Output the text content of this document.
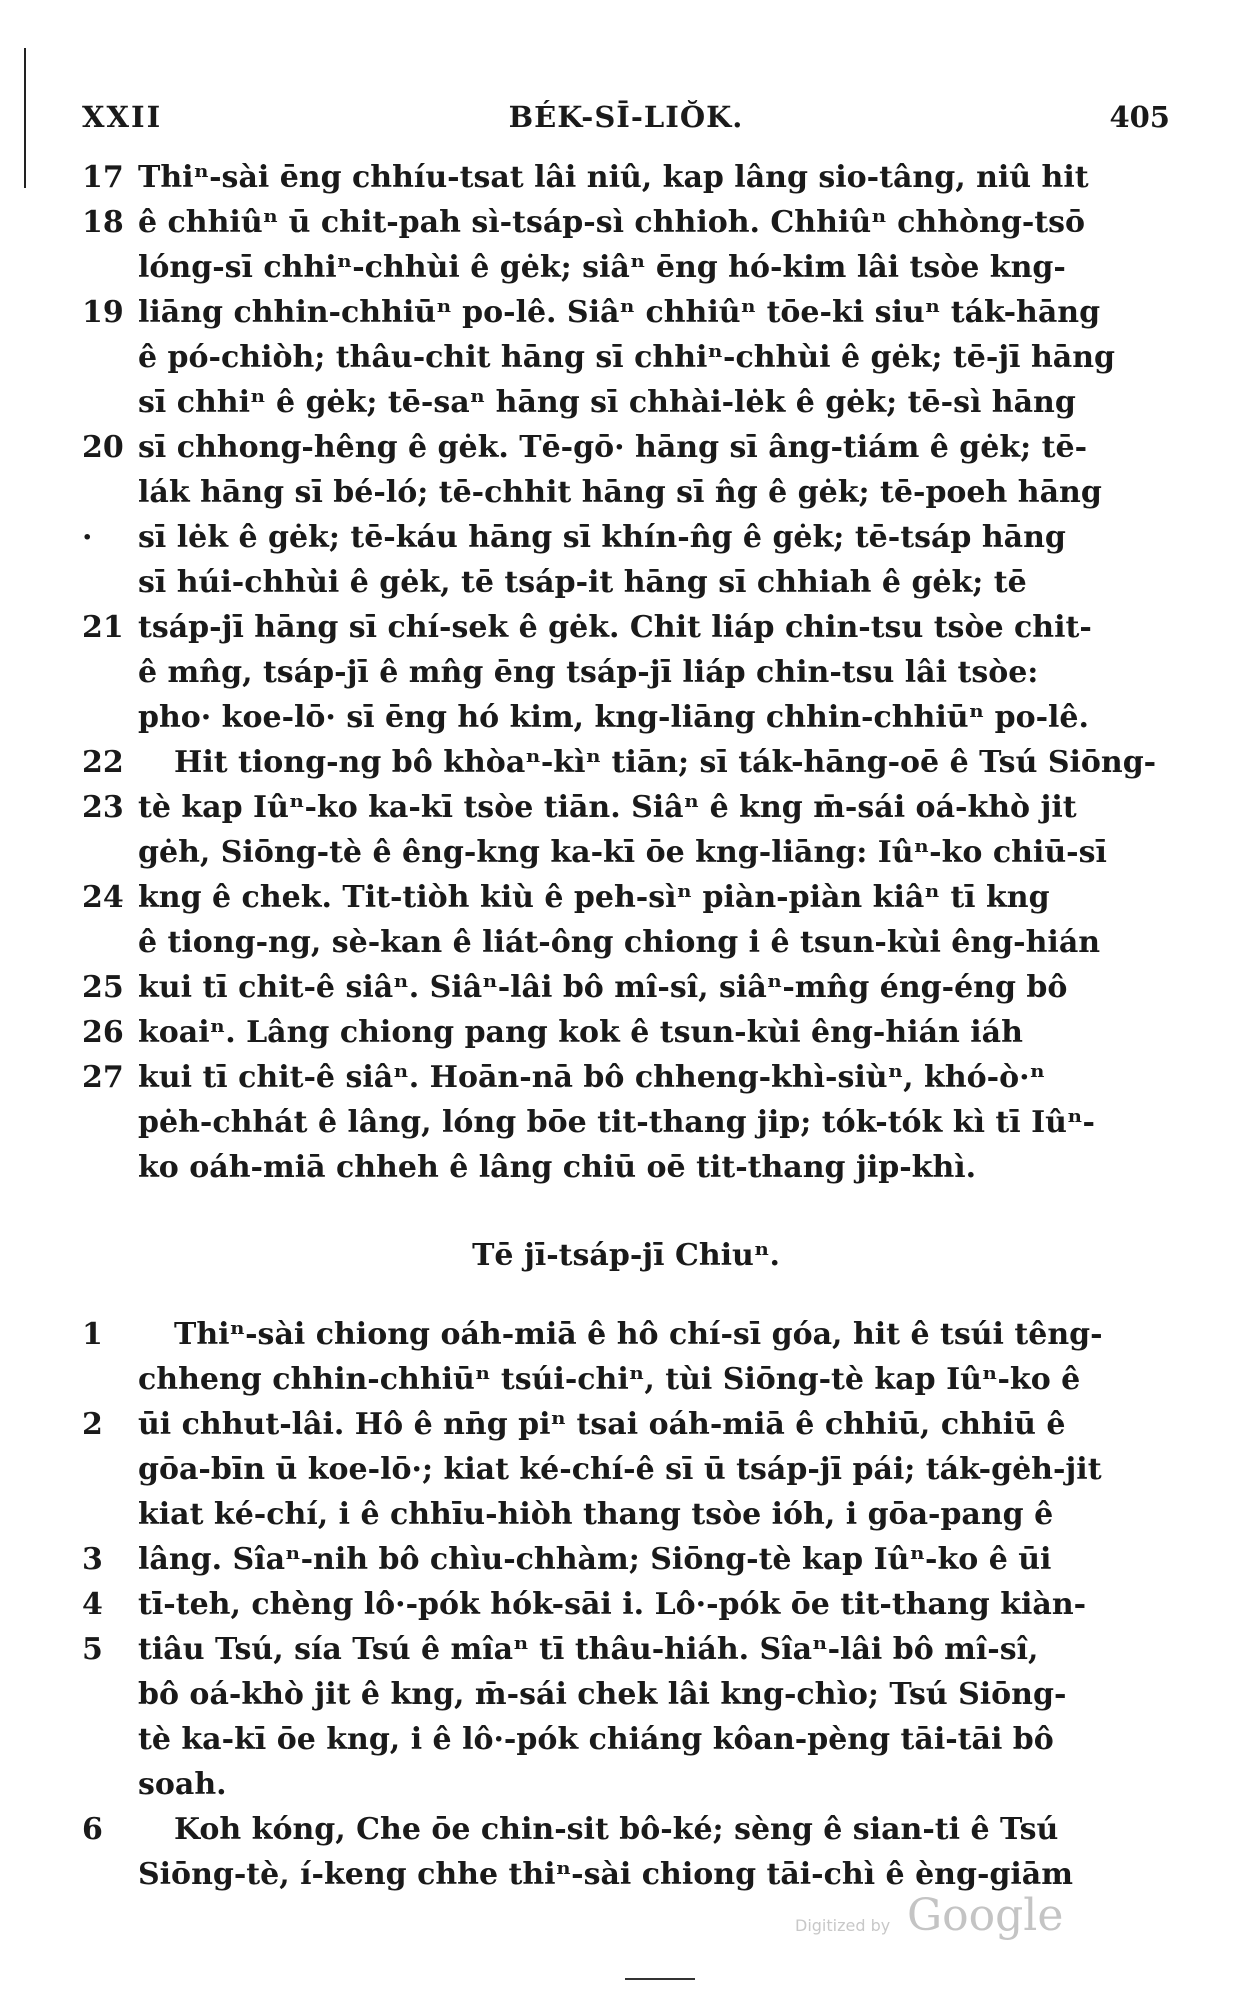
XXII	BÉK-SĪ-LIŎK.	405
17 Thiⁿ-sài ēng chhíu-tsat lâi niû, kap lâng sio-tâng, niû hit
18 ê chhiûⁿ ū chit-pah sì-tsáp-sì chhioh. Chhiûⁿ chhòng-tsō
lóng-sī chhiⁿ-chhùi ê gėk; siâⁿ ēng hó-kim lâi tsòe kng-
19 liāng chhin-chhiūⁿ po-lê. Siâⁿ chhiûⁿ tōe-ki siuⁿ ták-hāng
ê pó-chiòh; thâu-chit hāng sī chhiⁿ-chhùi ê gėk; tē-jī hāng
sī chhiⁿ ê gėk; tē-saⁿ hāng sī chhài-lėk ê gėk; tē-sì hāng
20 sī chhong-hêng ê gėk. Tē-gō· hāng sī âng-tiám ê gėk; tē-
lák hāng sī bé-ló; tē-chhit hāng sī n̂g ê gėk; tē-poeh hāng
·	sī lėk ê gėk; tē-káu hāng sī khín-n̂g ê gėk; tē-tsáp hāng
sī húi-chhùi ê gėk, tē tsáp-it hāng sī chhiah ê gėk; tē
21 tsáp-jī hāng sī chí-sek ê gėk. Chit liáp chin-tsu tsòe chit-
ê mn̂g, tsáp-jī ê mn̂g ēng tsáp-jī liáp chin-tsu lâi tsòe:
pho· koe-lō· sī ēng hó kim, kng-liāng chhin-chhiūⁿ po-lê.
22 Hit tiong-ng bô khòaⁿ-kìⁿ tiān; sī ták-hāng-oē ê Tsú Siōng-
23 tè kap Iûⁿ-ko ka-kī tsòe tiān. Siâⁿ ê kng m̄-sái oá-khò jit
gėh, Siōng-tè ê êng-kng ka-kī ōe kng-liāng: Iûⁿ-ko chiū-sī
24 kng ê chek. Tit-tiòh kiù ê peh-sìⁿ piàn-piàn kiâⁿ tī kng
ê tiong-ng, sè-kan ê liát-ông chiong i ê tsun-kùi êng-hián
25 kui tī chit-ê siâⁿ. Siâⁿ-lâi bô mî-sî, siâⁿ-mn̂g éng-éng bô
26 koaiⁿ. Lâng chiong pang kok ê tsun-kùi êng-hián iáh
27 kui tī chit-ê siâⁿ. Hoān-nā bô chheng-khì-siùⁿ, khó-ò·ⁿ
pėh-chhát ê lâng, lóng bōe tit-thang jip; tók-tók kì tī Iûⁿ-
ko oáh-miā chheh ê lâng chiū oē tit-thang jip-khì.
Tē jī-tsáp-jī Chiuⁿ.
1	Thiⁿ-sài chiong oáh-miā ê hô chí-sī góa, hit ê tsúi têng-
chheng chhin-chhiūⁿ tsúi-chiⁿ, tùi Siōng-tè kap Iûⁿ-ko ê
2	ūi chhut-lâi. Hô ê nn̄g piⁿ tsai oáh-miā ê chhiū, chhiū ê
gōa-bīn ū koe-lō·; kiat ké-chí-ê sī ū tsáp-jī pái; ták-gėh-jit
kiat ké-chí, i ê chhīu-hiòh thang tsòe ióh, i gōa-pang ê
3	lâng. Sîaⁿ-nih bô chìu-chhàm; Siōng-tè kap Iûⁿ-ko ê ūi
4	tī-teh, chèng lô·-pók hók-sāi i. Lô·-pók ōe tit-thang kiàn-
5	tiâu Tsú, sía Tsú ê mîaⁿ tī thâu-hiáh. Sîaⁿ-lâi bô mî-sî,
bô oá-khò jit ê kng, m̄-sái chek lâi kng-chìo; Tsú Siōng-
tè ka-kī ōe kng, i ê lô·-pók chiáng kôan-pèng tāi-tāi bô
soah.
6	Koh kóng, Che ōe chin-sit bô-ké; sèng ê sian-ti ê Tsú
Siōng-tè, í-keng chhe thiⁿ-sài chiong tāi-chì ê èng-giām
Digitized by Google
